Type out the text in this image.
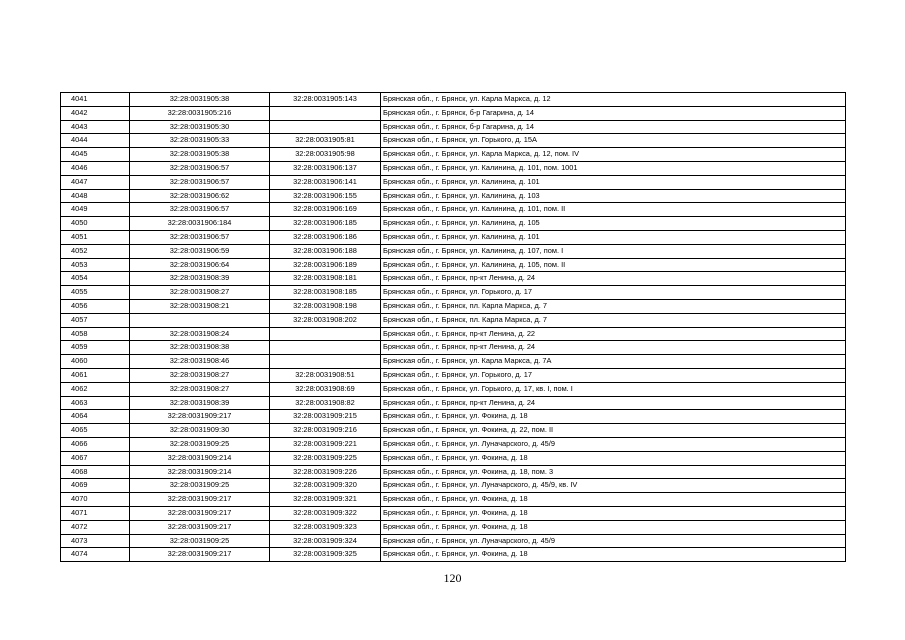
4041	32:28:0031905:38	32:28:0031905:143	Брянская обл., г. Брянск, ул. Карла Маркса, д. 12
4042	32:28:0031905:216		Брянская обл., г. Брянск, б-р Гагарина, д. 14
4043	32:28:0031905:30		Брянская обл., г. Брянск, б-р Гагарина, д. 14
4044	32:28:0031905:33	32:28:0031905:81	Брянская обл., г. Брянск, ул. Горького, д. 15А
4045	32:28:0031905:38	32:28:0031905:98	Брянская обл., г. Брянск, ул. Карла Маркса, д. 12, пом. IV
4046	32:28:0031906:57	32:28:0031906:137	Брянская обл., г. Брянск, ул. Калинина, д. 101, пом. 1001
4047	32:28:0031906:57	32:28:0031906:141	Брянская обл., г. Брянск, ул. Калинина, д. 101
4048	32:28:0031906:62	32:28:0031906:155	Брянская обл., г. Брянск, ул. Калинина, д. 103
4049	32:28:0031906:57	32:28:0031906:169	Брянская обл., г. Брянск, ул. Калинина, д. 101, пом. II
4050	32:28:0031906:184	32:28:0031906:185	Брянская обл., г. Брянск, ул. Калинина, д. 105
4051	32:28:0031906:57	32:28:0031906:186	Брянская обл., г. Брянск, ул. Калинина, д. 101
4052	32:28:0031906:59	32:28:0031906:188	Брянская обл., г. Брянск, ул. Калинина, д. 107, пом. I
4053	32:28:0031906:64	32:28:0031906:189	Брянская обл., г. Брянск, ул. Калинина, д. 105, пом. II
4054	32:28:0031908:39	32:28:0031908:181	Брянская обл., г. Брянск, пр-кт Ленина, д. 24
4055	32:28:0031908:27	32:28:0031908:185	Брянская обл., г. Брянск, ул. Горького, д. 17
4056	32:28:0031908:21	32:28:0031908:198	Брянская обл., г. Брянск, пл. Карла Маркса, д. 7
4057		32:28:0031908:202	Брянская обл., г. Брянск, пл. Карла Маркса, д. 7
4058	32:28:0031908:24		Брянская обл., г. Брянск, пр-кт Ленина, д. 22
4059	32:28:0031908:38		Брянская обл., г. Брянск, пр-кт Ленина, д. 24
4060	32:28:0031908:46		Брянская обл., г. Брянск, ул. Карла Маркса, д. 7А
4061	32:28:0031908:27	32:28:0031908:51	Брянская обл., г. Брянск, ул. Горького, д. 17
4062	32:28:0031908:27	32:28:0031908:69	Брянская обл., г. Брянск, ул. Горького, д. 17, кв. I, пом. I
4063	32:28:0031908:39	32:28:0031908:82	Брянская обл., г. Брянск, пр-кт Ленина, д. 24
4064	32:28:0031909:217	32:28:0031909:215	Брянская обл., г. Брянск, ул. Фокина, д. 18
4065	32:28:0031909:30	32:28:0031909:216	Брянская обл., г. Брянск, ул. Фокина, д. 22, пом. II
4066	32:28:0031909:25	32:28:0031909:221	Брянская обл., г. Брянск, ул. Луначарского, д. 45/9
4067	32:28:0031909:214	32:28:0031909:225	Брянская обл., г. Брянск, ул. Фокина, д. 18
4068	32:28:0031909:214	32:28:0031909:226	Брянская обл., г. Брянск, ул. Фокина, д. 18, пом. 3
4069	32:28:0031909:25	32:28:0031909:320	Брянская обл., г. Брянск, ул. Луначарского, д. 45/9, кв. IV
4070	32:28:0031909:217	32:28:0031909:321	Брянская обл., г. Брянск, ул. Фокина, д. 18
4071	32:28:0031909:217	32:28:0031909:322	Брянская обл., г. Брянск, ул. Фокина, д. 18
4072	32:28:0031909:217	32:28:0031909:323	Брянская обл., г. Брянск, ул. Фокина, д. 18
4073	32:28:0031909:25	32:28:0031909:324	Брянская обл., г. Брянск, ул. Луначарского, д. 45/9
4074	32:28:0031909:217	32:28:0031909:325	Брянская обл., г. Брянск, ул. Фокина, д. 18
120
